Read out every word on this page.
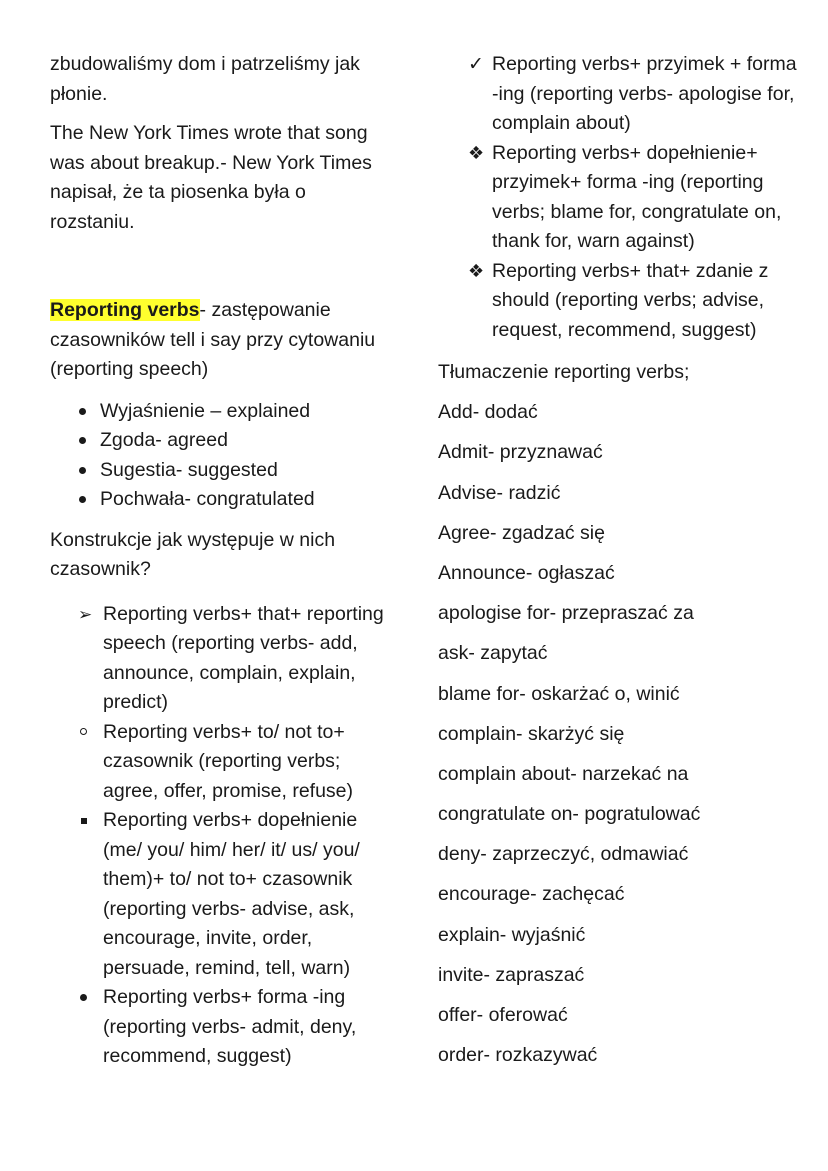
zbudowaliśmy dom i patrzeliśmy jak płonie.

The New York Times wrote that song was about breakup.- New York Times napisał, że ta piosenka była o rozstaniu.

Reporting verbs- zastępowanie czasowników tell i say przy cytowaniu (reporting speech)

Wyjaśnienie – explained
Zgoda- agreed
Sugestia- suggested
Pochwała- congratulated

Konstrukcje jak występuje w nich czasownik?

➢ Reporting verbs+ that+ reporting speech (reporting verbs- add, announce, complain, explain, predict)
Reporting verbs+ to/ not to+ czasownik (reporting verbs; agree, offer, promise, refuse)
Reporting verbs+ dopełnienie (me/ you/ him/ her/ it/ us/ you/ them)+ to/ not to+ czasownik (reporting verbs- advise, ask, encourage, invite, order, persuade, remind, tell, warn)
Reporting verbs+ forma -ing (reporting verbs- admit, deny, recommend, suggest)
✓ Reporting verbs+ przyimek + forma -ing (reporting verbs- apologise for, complain about)
❖ Reporting verbs+ dopełnienie+ przyimek+ forma -ing (reporting verbs; blame for, congratulate on, thank for, warn against)
❖ Reporting verbs+ that+ zdanie z should (reporting verbs; advise, request, recommend, suggest)

Tłumaczenie reporting verbs;

Add- dodać

Admit- przyznawać

Advise- radzić

Agree- zgadzać się

Announce- ogłaszać

apologise for- przepraszać za

ask- zapytać

blame for- oskarżać o, winić

complain- skarżyć się

complain about- narzekać na

congratulate on- pogratulować

deny- zaprzeczyć, odmawiać

encourage- zachęcać

explain- wyjaśnić

invite- zapraszać

offer- oferować

order- rozkazywać
